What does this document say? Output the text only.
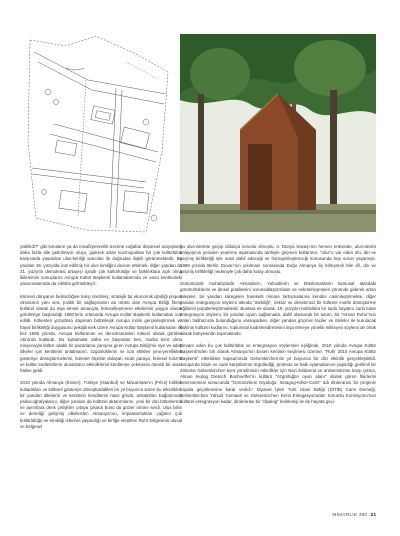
yabilirdi?" gibi soruların ya da misafirperverlik üzerine coğafan düşünsel arayışların daha fazla dile getirilmiyor oluşu, giderek artan kozmopolitan bir çok kültürlülük karşısında yaşanılan ulus-kimliği sancıları ile doğrudan ilişkili görünmektedir. Bir yandan 19. yüzyılda icat edilmiş bir ulus kimliğini devam ettirmek, diğer yandan da 21. yüzyılın demokrasi anlayışı içinde çok kültürlülüğe ve farklılıklara açık olma ikilemimin sonuçlarını Avrupa Kültür Başkenti kutlamalarında ve onun kentlerdeki yansımalarında da sıklıkla görmekteyiz.

Küresel dünyanın belirsizliğine karşı üretilmiş, stratejik bir ekonomik işbirliği projesi olmasının yanı sıra, politik bir sağlaşmanın da ürünü olan Avrupa Birliği fikrini kültürel olarak da inşa etmek amacıyla, küreselleşmenin etkilerinin yaygın olarak görülmeye başlandığı 1980’lerin ortasında Avrupa Kültür Başkenti kutlamaları icat edildi. Kökenleri yüzyıllara dayanan bütünleşik Avrupa mitini gerçekleştirmek ve hayal birlikteliği duygusunu pekiştirmek üzere Avrupa Kültür Başkenti kutlamaları ilk kez 1985 yılında, Avrupa kültürünün ve demokrasisinin kökeni olarak görülen Atina’da kutlandı. Bu kutlamalar daha en başından beri, marka kent olma misyonuyla kültür odaklı bir pazarlama yarışına giren Avrupa Birliği’ne üye ve aday ülkeler için kentlerini anlatmanın, özgünlüklerini ve icat ettikleri yeni-yerellikleri gösteriye dönüştürmelerini, küresel ölçekte dolaşan sicak paraya, küresel turizmi ve kültür endüstrilerin ulusüstücü etkinliklerini kentlerine çekmenin önemli bir aracı haline geldi.

2010 yılında Almanya (Essen), Türkiye (İstanbul) ve Macaristan’ın (Pécs) birlikte kutladıkları ve kültürel gösteriye dönüştürdükleri bir yıl boyunca süren bu etkinlikler, bir yandan ülkelerin ve kentlerin kendilerini nasıl gördü, anlattıkları bağlamında psikocoğrafyalarını, diğer yandan da kültürel aktarımlarını, yeni bir dizi bölünlerme ve ayrımlara denk çelişkiler ortaya çıkardı bunu da gözler önüne serdi. Ulus bilini ve derinliği gelişmiş ülkelerden Almanya’nın, imparatorluktan çağının çok kültürlülüğü ve etnikliği izlerinin yaşandığı ve birliğe eleştiren Ruhr bölgesinin ulusal ve bölgesel

ğu ulus-devlete geçişi oldukça sorunlu olmuştu. II. Dünya Savaşı’nın hemen ertesinde, ulus-devlet anlayışının yeniden yeşerme aşamasında tarihiyle göçmen kültürünü, "ulus"u var eden ölü, din ve geçmiş birlikteliği işte nasıl dahil edeceği ve homojenleştireceği konusunda hep sorun yaşamıştı. 1989 yılında Berlin Duvarı’nın yıkılması sonrasında Doğu Almanya ile birleşmek bile dil, din ve geçmiş birlikteliği nedeniyle çok daha kolay olmuştu.

Günümüzde muhafazakâr Almanların, Yahudilerin ve Müslümanların kamusal alandaki görünürlüklerini ve dinsel pratiklerini sorunsallaştırmaları ve sekülerleşmeleri yönünde giderek artan talepleri, bir yandan süregelen hareketli minare tartışmalarına kendini casimleştirmekte, diğer yandan entegrasyon söylemi altında "ötekiliği", risksiz ve denetimsiz bir kültürel motife dönüştürme eğilimini popülerleştirmektedir. Bunlara ek olarak, 19. yüzyılın bölünlükü bir toplu hayatını canlı tutan entegrasyon söylemi, bir yandan uyum sağlamada, dahil olamacak bir tutum, bir "Alman Ruhu"nun zaten halihazırda bulunduğunu varsayarken, diğer yandan göçmen laçiler ve ötekiler ile kurulacak ilişkinin kültürel kodlarını, toplumsal kadrelendirmesini inşa etmeye yönelik militeyeti söylemi de örtük olarak bünyesinde taşımaktadır.

Devam eden bu çok kültürlülük ve entegrasyon söylemleri eşliğinde, 2010 yılında Avrupa Kültür Başkenti’nden biri olarak Almanya’nın Essen kentinin seçilmesi üzerine, "Ruhr 2010 Avrupa Kültür Başkenti" etkinlikleri kapsamında Gelsenkirchen’de yıl boyunca bir dizi etkinlik gerçekleştirildi. Avrupa’da İslam ve cami karşıtlarının örgütlediği, protesto ve halk oylamalarının yapıldığı gerilimli bir döneme Gelsenkirchen kent yönetiminin etkinlikler için Nazi iktidarına ve antisemitizme karşı çıkma, Alman teolog Dietrich Bonhoeffer’in kültürü "özgürlüğün oyun alanı" olarak gören fikirlerini benimsemesi sonucunda "Görünürlerin Diyaloğu: Sinagog-Kilise-Cami" adı dinlerarası bir projenin hayata geçirilmesine karar verildi.¹ Diyanet İşleri Türk İslam Birliği (DİTİB) Cami Derneği, Gelsenkirchen Yahudi Cemaati ve Gelsenkirchen Kenti Enlegasyonudan Sorumlu Komisyonu’nun kültürel entegrasyon kadar, dinlerarası bir "diyalog" belirlenişi ile de hayata geçi-

MİMARLIK 360 21
